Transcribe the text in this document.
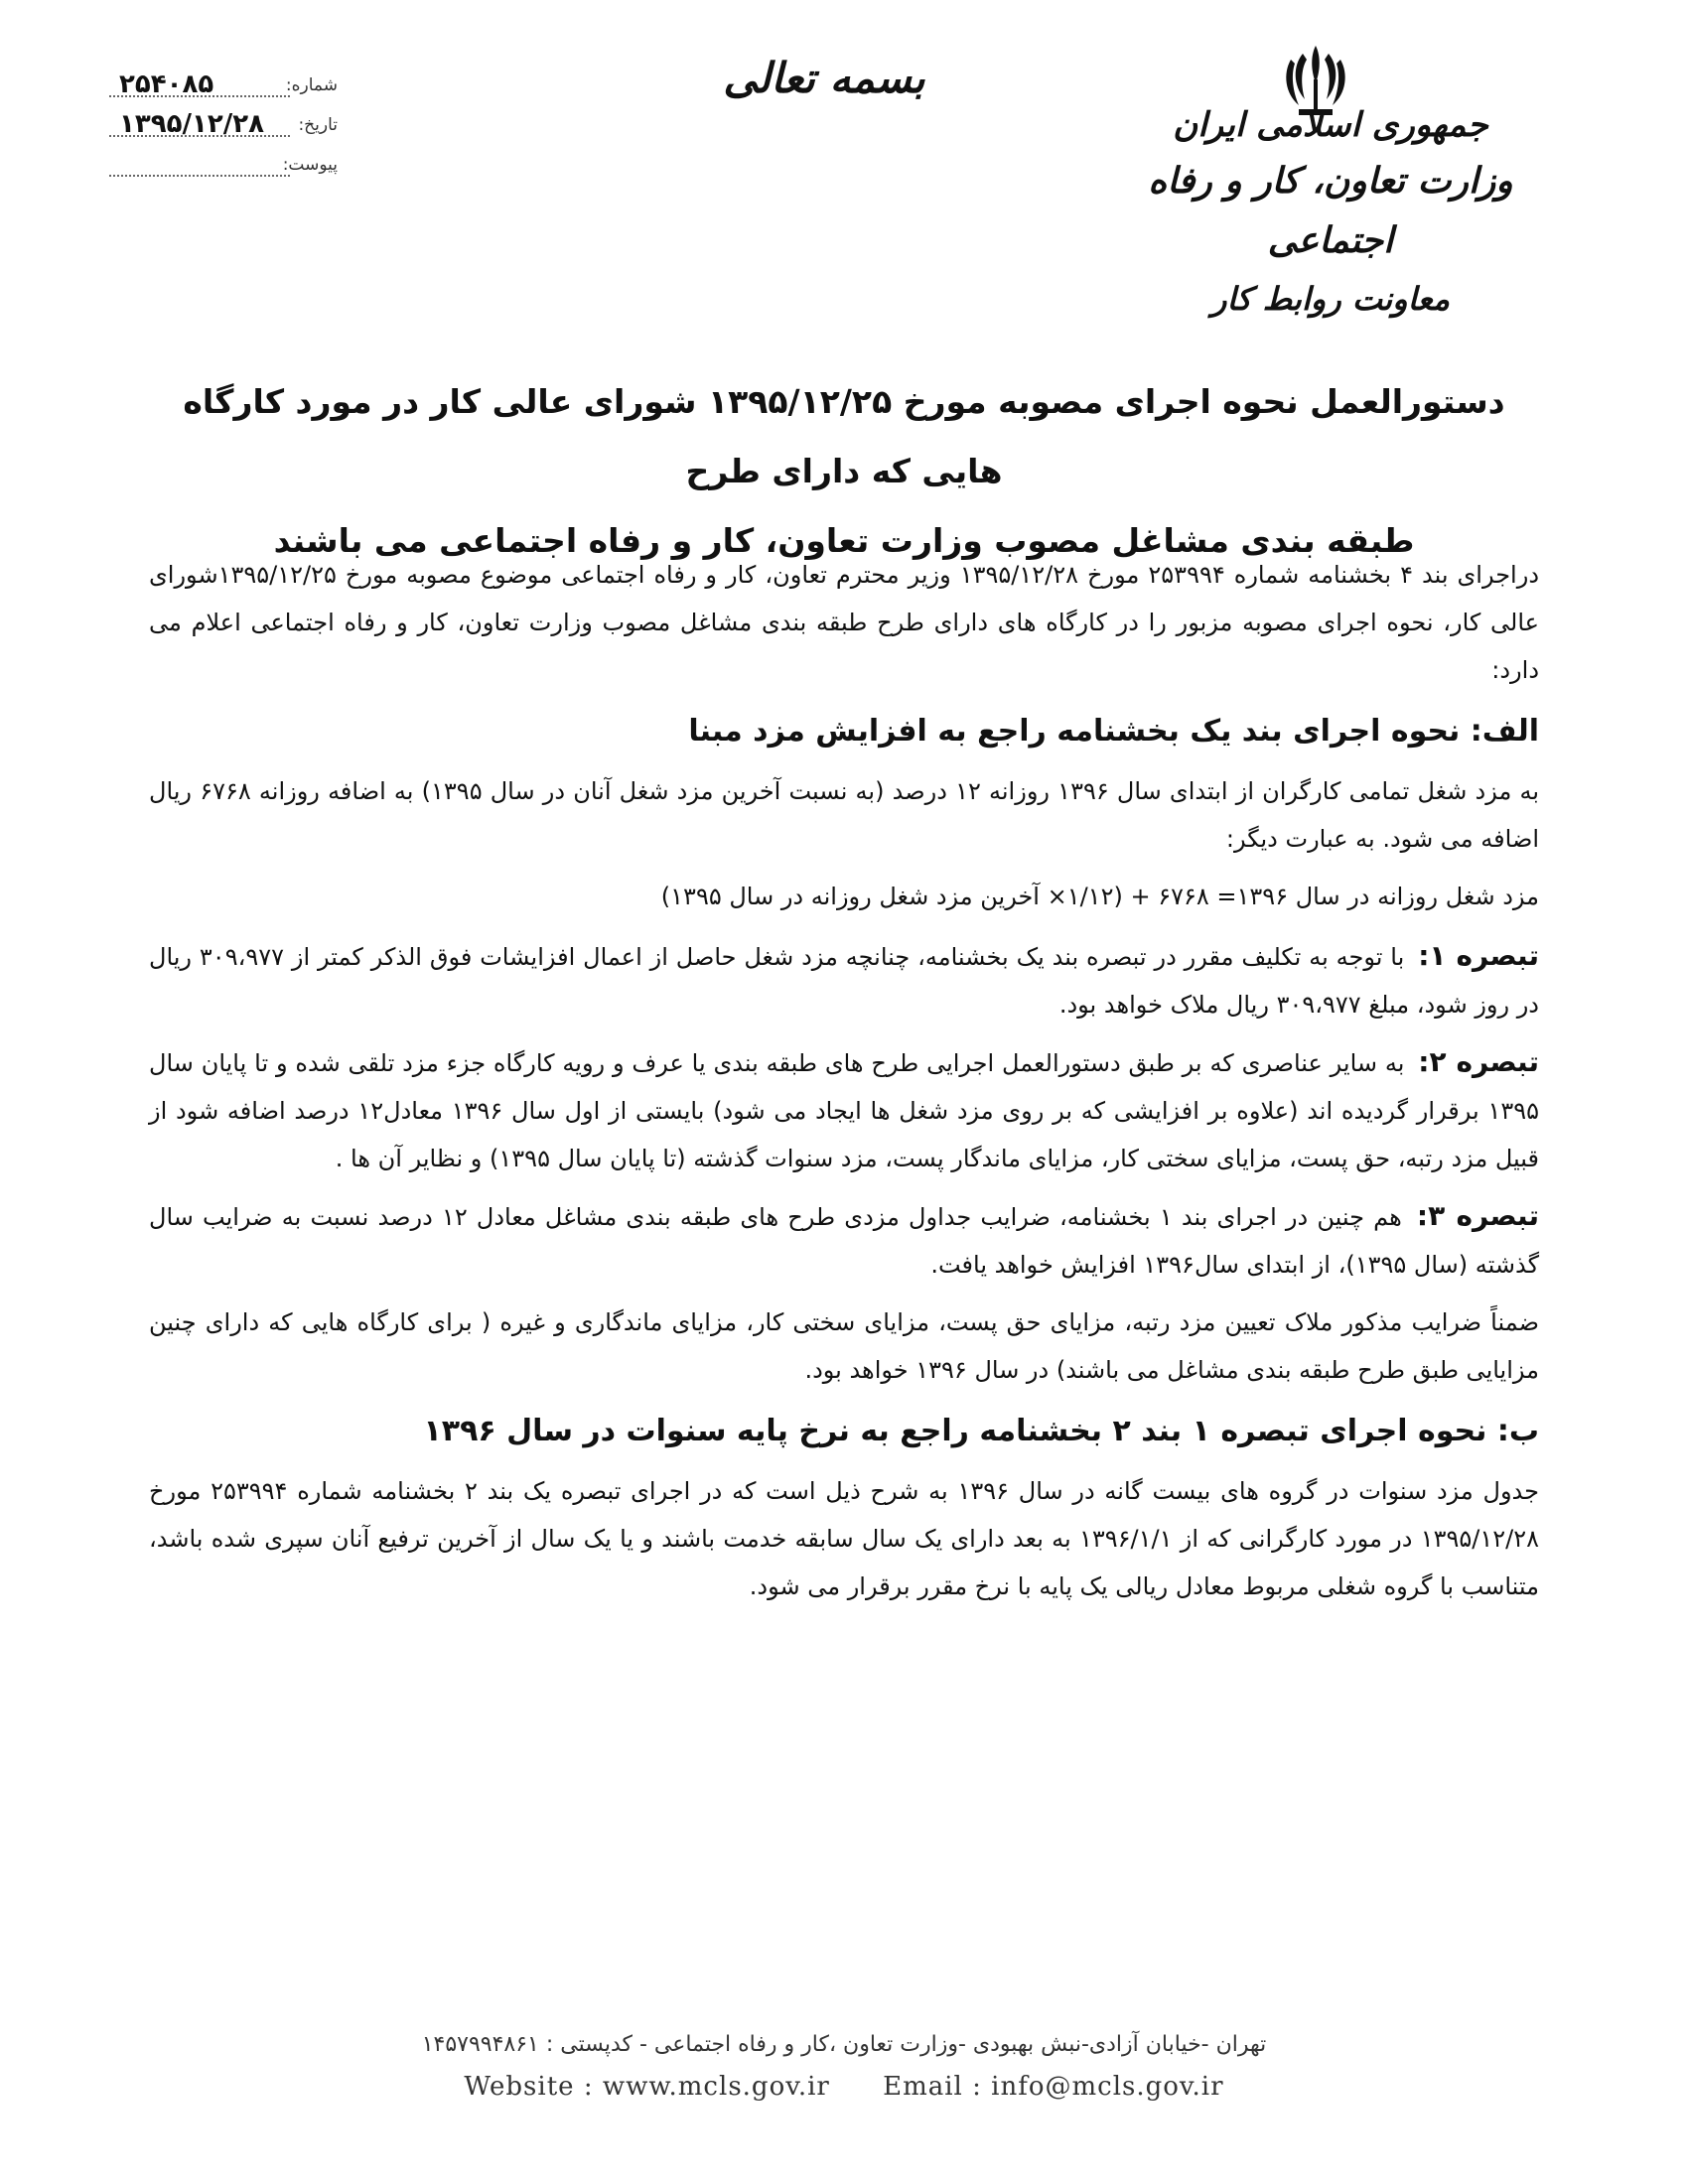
جمهوری اسلامی ایران
وزارت تعاون، کار و رفاه اجتماعی
معاونت روابط کار
بسمه تعالی
شماره:
۲۵۴۰۸۵
تاریخ:
۱۳۹۵/۱۲/۲۸
پیوست:
دستورالعمل نحوه اجرای مصوبه مورخ ۱۳۹۵/۱۲/۲۵ شورای عالی کار در مورد کارگاه هایی که دارای طرح
طبقه بندی مشاغل مصوب وزارت تعاون، کار و رفاه اجتماعی می باشند

دراجرای بند ۴ بخشنامه شماره ۲۵۳۹۹۴ مورخ ۱۳۹۵/۱۲/۲۸ وزیر محترم تعاون، کار و رفاه اجتماعی موضوع مصوبه مورخ ۱۳۹۵/۱۲/۲۵شورای عالی کار، نحوه اجرای مصوبه مزبور را در کارگاه های دارای طرح طبقه بندی مشاغل مصوب وزارت تعاون، کار و رفاه اجتماعی اعلام می دارد:

الف: نحوه اجرای بند یک بخشنامه راجع به افزایش مزد مبنا

به مزد شغل تمامی کارگران از ابتدای سال ۱۳۹۶ روزانه ۱۲ درصد (به نسبت آخرین مزد شغل آنان در سال ۱۳۹۵) به اضافه روزانه ۶۷۶۸ ریال اضافه می شود. به عبارت دیگر:

مزد شغل روزانه در سال ۱۳۹۶= ۶۷۶۸ + (۱/۱۲× آخرین مزد شغل روزانه در سال ۱۳۹۵)

تبصره ۱: با توجه به تکلیف مقرر در تبصره بند یک بخشنامه، چنانچه مزد شغل حاصل از اعمال افزایشات فوق الذکر کمتر از ۳۰۹،۹۷۷ ریال در روز شود، مبلغ ۳۰۹،۹۷۷ ریال ملاک خواهد بود.

تبصره ۲: به سایر عناصری که بر طبق دستورالعمل اجرایی طرح های طبقه بندی یا عرف و رویه کارگاه جزء مزد تلقی شده و تا پایان سال ۱۳۹۵ برقرار گردیده اند (علاوه بر افزایشی که بر روی مزد شغل ها ایجاد می شود) بایستی از اول سال ۱۳۹۶ معادل۱۲ درصد اضافه شود از قبیل مزد رتبه، حق پست، مزایای سختی کار، مزایای ماندگار پست، مزد سنوات گذشته (تا پایان سال ۱۳۹۵) و نظایر آن ها .

تبصره ۳: هم چنین در اجرای بند ۱ بخشنامه، ضرایب جداول مزدی طرح های طبقه بندی مشاغل معادل ۱۲ درصد نسبت به ضرایب سال گذشته (سال ۱۳۹۵)، از ابتدای سال۱۳۹۶ افزایش خواهد یافت.

ضمناً ضرایب مذکور ملاک تعیین مزد رتبه، مزایای حق پست، مزایای سختی کار، مزایای ماندگاری و غیره ( برای کارگاه هایی که دارای چنین مزایایی طبق طرح طبقه بندی مشاغل می باشند) در سال ۱۳۹۶ خواهد بود.

ب: نحوه اجرای تبصره ۱ بند ۲ بخشنامه راجع به نرخ پایه سنوات در سال ۱۳۹۶

جدول مزد سنوات در گروه های بیست گانه در سال ۱۳۹۶ به شرح ذیل است که در اجرای تبصره یک بند ۲ بخشنامه شماره ۲۵۳۹۹۴ مورخ ۱۳۹۵/۱۲/۲۸ در مورد کارگرانی که از ۱۳۹۶/۱/۱ به بعد دارای یک سال سابقه خدمت باشند و یا یک سال از آخرین ترفیع آنان سپری شده باشد، متناسب با گروه شغلی مربوط معادل ریالی یک پایه با نرخ مقرر برقرار می شود.

تهران -خیابان آزادی-نبش بهبودی -وزارت تعاون ،کار و رفاه اجتماعی - کدپستی : ۱۴۵۷۹۹۴۸۶۱
Website : www.mcls.gov.ir Email : info@mcls.gov.ir
